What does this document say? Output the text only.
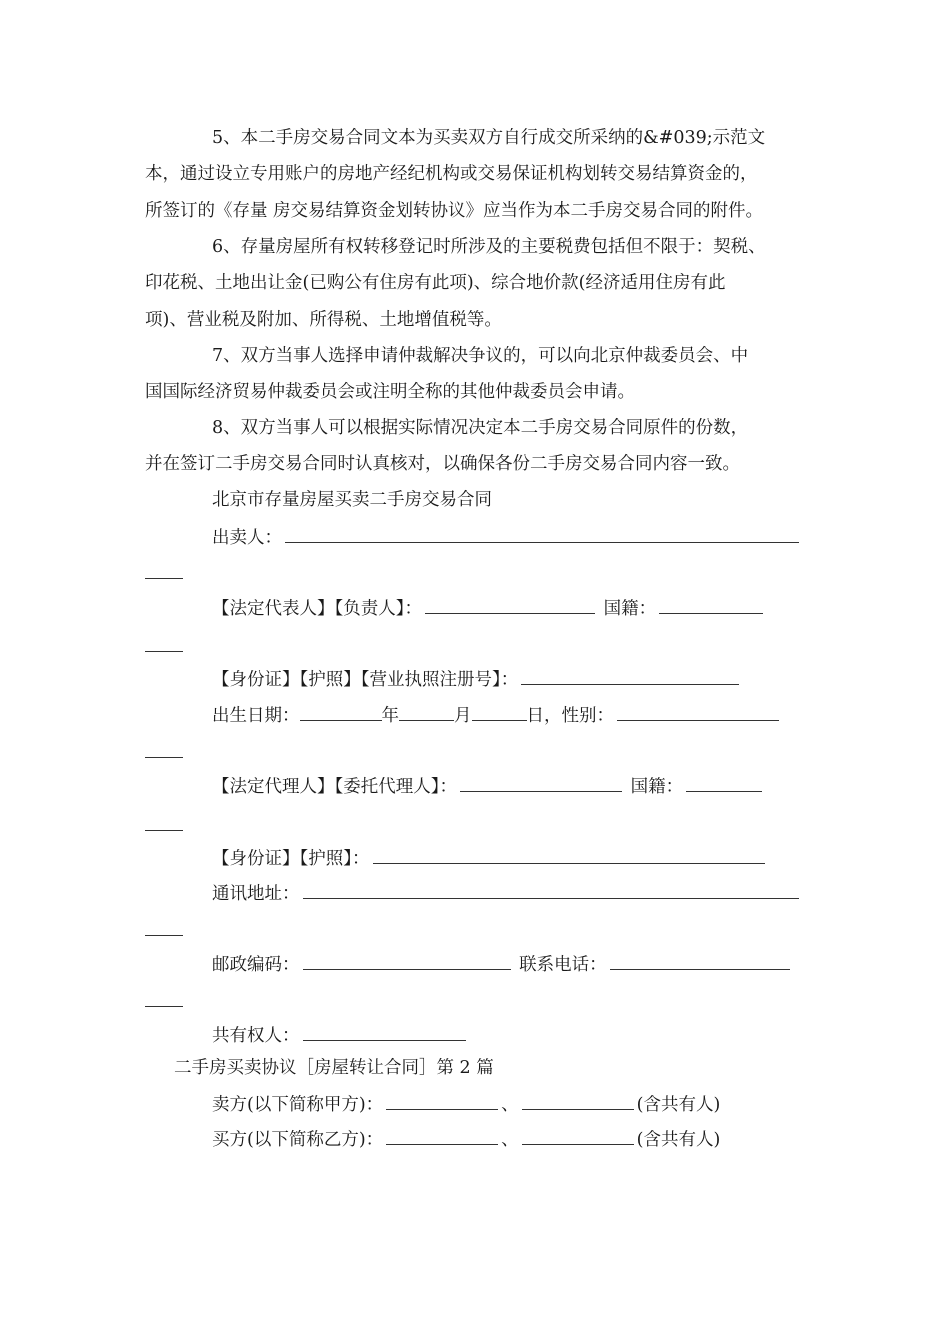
5、本二手房交易合同文本为买卖双方自行成交所采纳的&#039;示范文
本，通过设立专用账户的房地产经纪机构或交易保证机构划转交易结算资金的，
所签订的《存量 房交易结算资金划转协议》应当作为本二手房交易合同的附件。
6、存量房屋所有权转移登记时所涉及的主要税费包括但不限于：契税、
印花税、土地出让金(已购公有住房有此项)、综合地价款(经济适用住房有此
项)、营业税及附加、所得税、土地增值税等。
7、双方当事人选择申请仲裁解决争议的，可以向北京仲裁委员会、中
国国际经济贸易仲裁委员会或注明全称的其他仲裁委员会申请。
8、双方当事人可以根据实际情况决定本二手房交易合同原件的份数，
并在签订二手房交易合同时认真核对，以确保各份二手房交易合同内容一致。
北京市存量房屋买卖二手房交易合同
出卖人：
【法定代表人】【负责人】：	国籍：
【身份证】【护照】【营业执照注册号】：
出生日期：	年	月	日，性别：
【法定代理人】【委托代理人】：	国籍：
【身份证】【护照】：
通讯地址：
邮政编码：	联系电话：
共有权人：
二手房买卖协议［房屋转让合同］第 2 篇
卖方(以下简称甲方)：	、	(含共有人)
买方(以下简称乙方)：	、	(含共有人)
